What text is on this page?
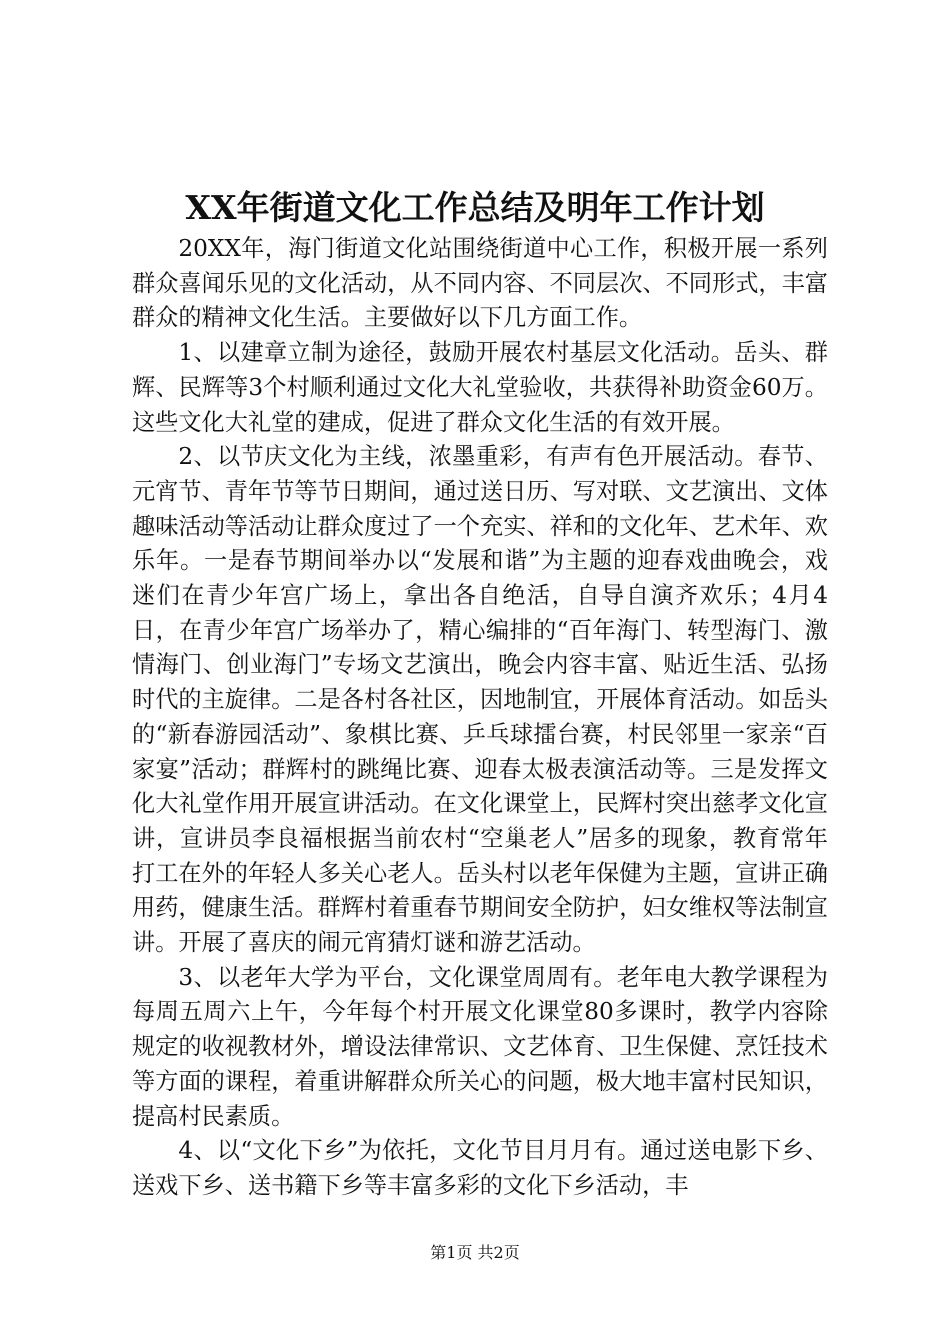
XX年街道文化工作总结及明年工作计划

20XX年，海门街道文化站围绕街道中心工作，积极开展一系列群众喜闻乐见的文化活动，从不同内容、不同层次、不同形式，丰富群众的精神文化生活。主要做好以下几方面工作。

1、以建章立制为途径，鼓励开展农村基层文化活动。岳头、群辉、民辉等3个村顺利通过文化大礼堂验收，共获得补助资金60万。这些文化大礼堂的建成，促进了群众文化生活的有效开展。

2、以节庆文化为主线，浓墨重彩，有声有色开展活动。春节、元宵节、青年节等节日期间，通过送日历、写对联、文艺演出、文体趣味活动等活动让群众度过了一个充实、祥和的文化年、艺术年、欢乐年。一是春节期间举办以“发展和谐”为主题的迎春戏曲晚会，戏迷们在青少年宫广场上，拿出各自绝活，自导自演齐欢乐；4月4日，在青少年宫广场举办了，精心编排的“百年海门、转型海门、激情海门、创业海门”专场文艺演出，晚会内容丰富、贴近生活、弘扬时代的主旋律。二是各村各社区，因地制宜，开展体育活动。如岳头的“新春游园活动”、象棋比赛、乒乓球擂台赛，村民邻里一家亲“百家宴”活动；群辉村的跳绳比赛、迎春太极表演活动等。三是发挥文化大礼堂作用开展宣讲活动。在文化课堂上，民辉村突出慈孝文化宣讲，宣讲员李良福根据当前农村“空巢老人”居多的现象，教育常年打工在外的年轻人多关心老人。岳头村以老年保健为主题，宣讲正确用药，健康生活。群辉村着重春节期间安全防护，妇女维权等法制宣讲。开展了喜庆的闹元宵猜灯谜和游艺活动。

3、以老年大学为平台，文化课堂周周有。老年电大教学课程为每周五周六上午，今年每个村开展文化课堂80多课时，教学内容除规定的收视教材外，增设法律常识、文艺体育、卫生保健、烹饪技术等方面的课程，着重讲解群众所关心的问题，极大地丰富村民知识，提高村民素质。

4、以“文化下乡”为依托，文化节目月月有。通过送电影下乡、送戏下乡、送书籍下乡等丰富多彩的文化下乡活动，丰

第1页 共2页
